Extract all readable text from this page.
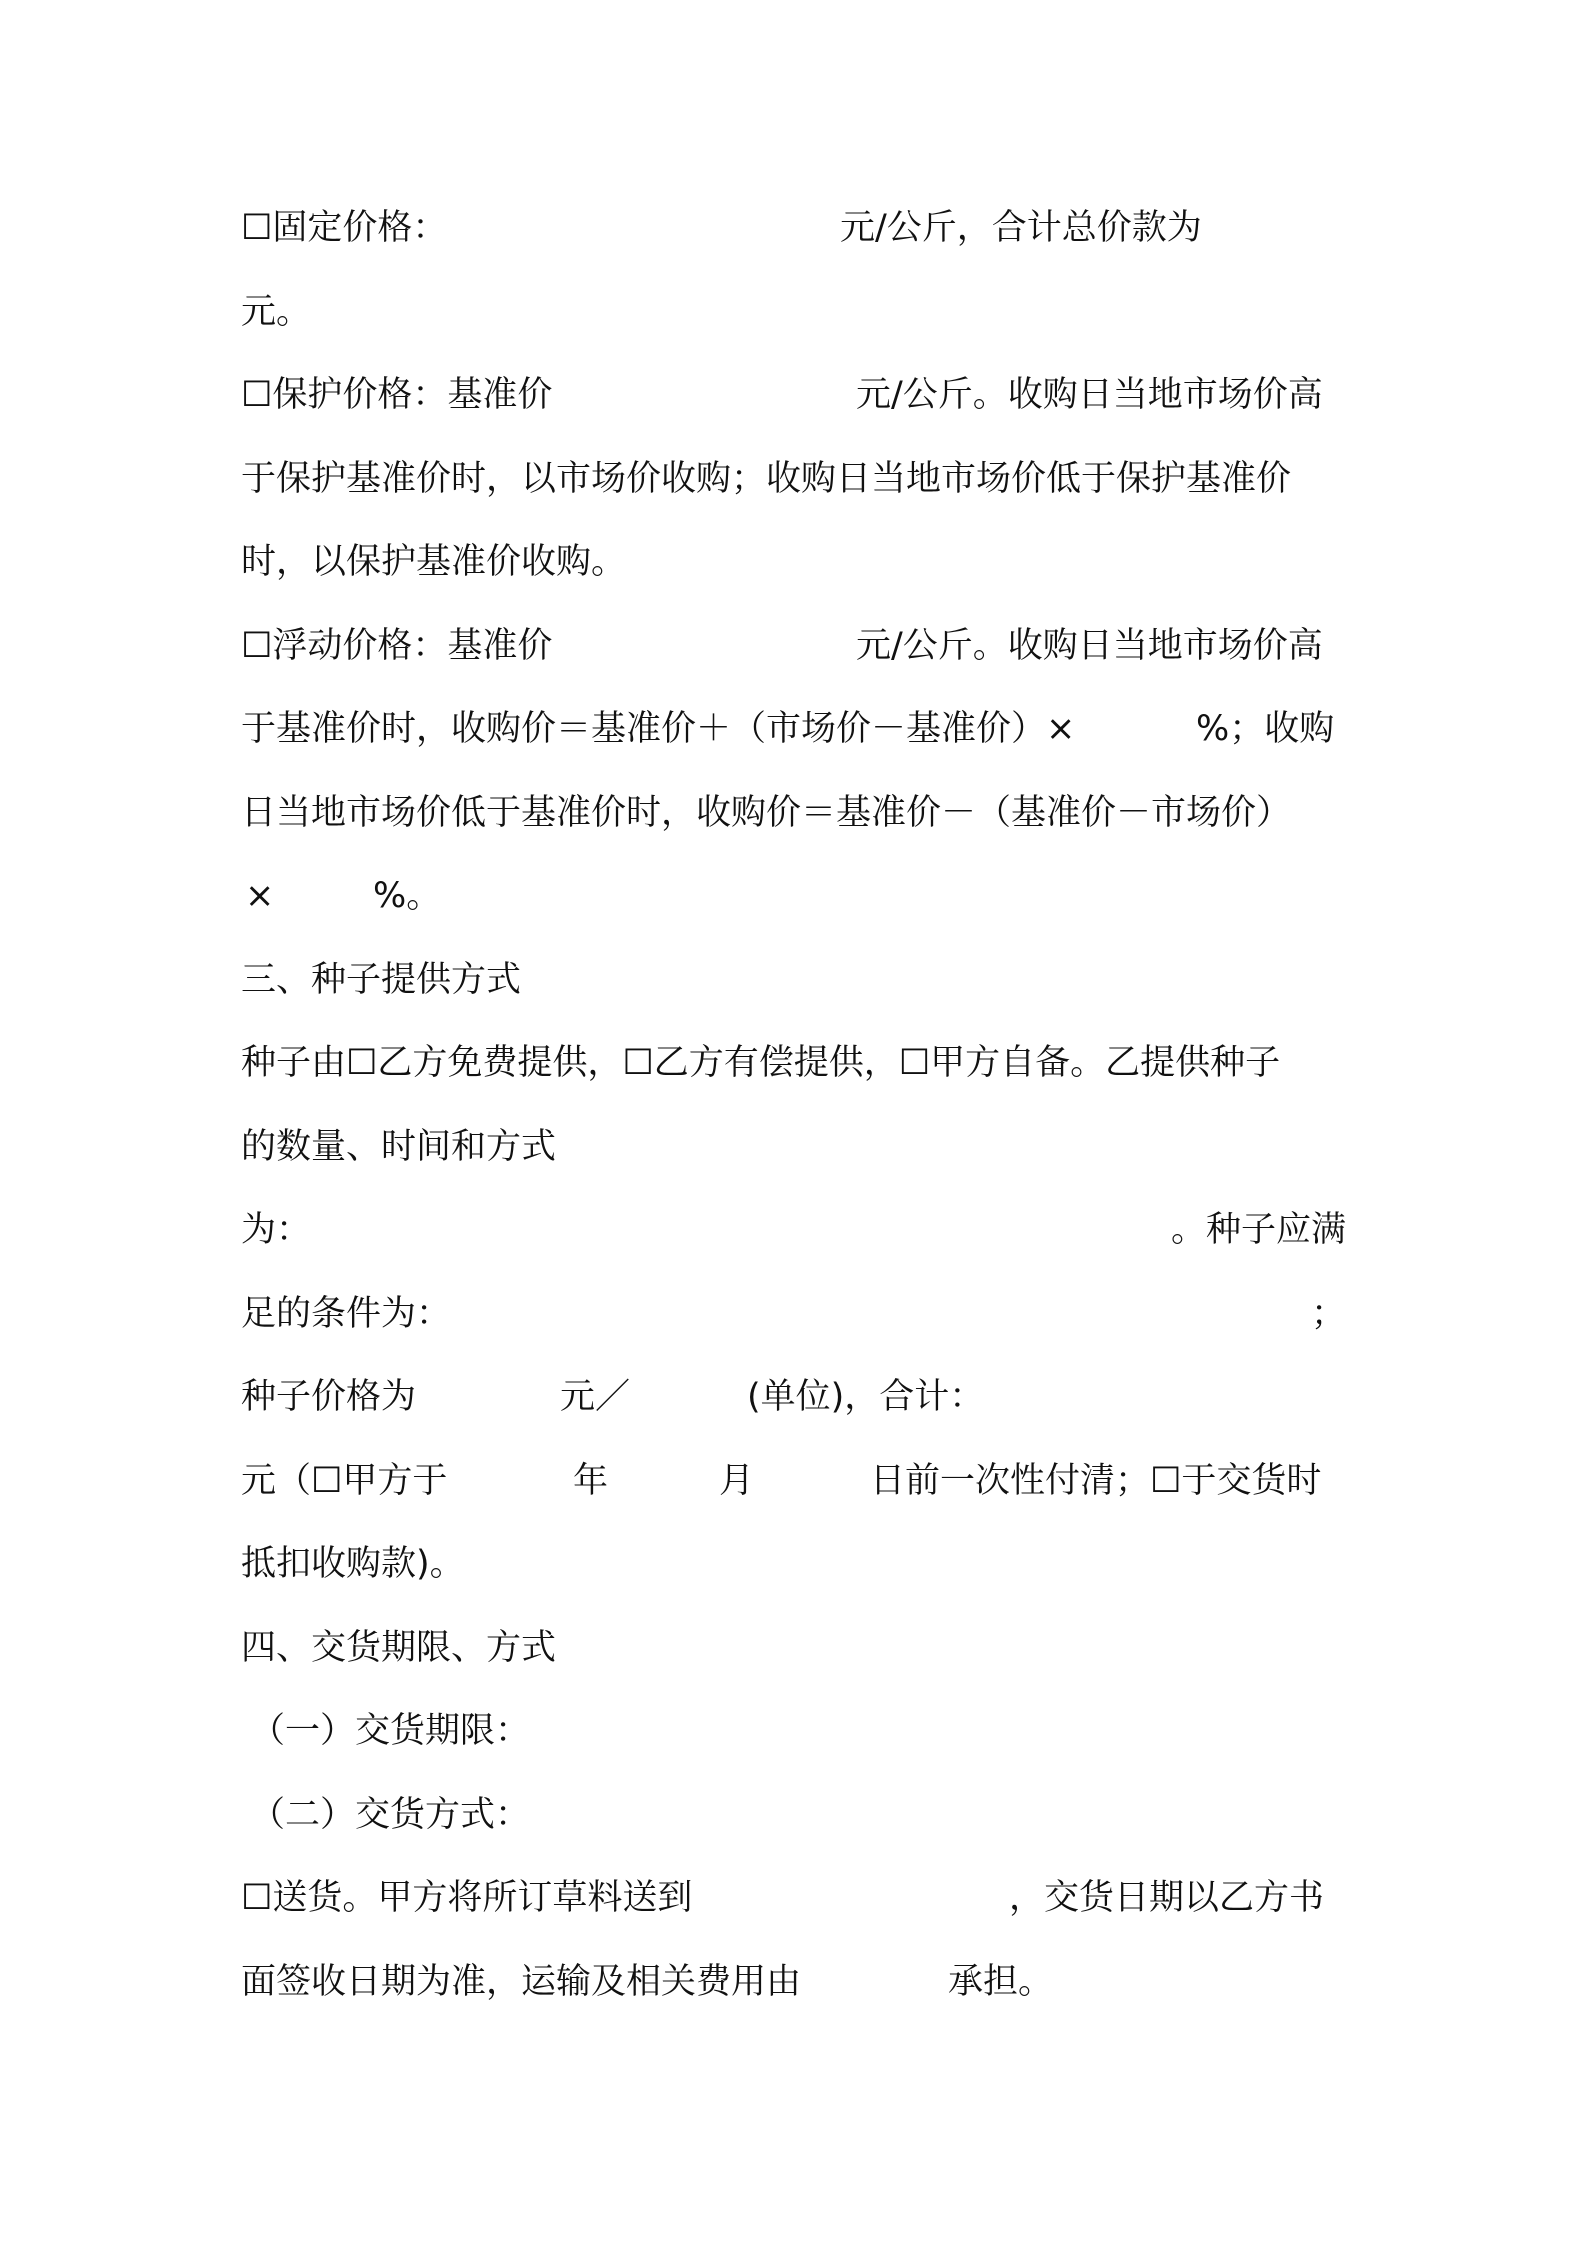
☐固定价格：	元/公斤，合计总价款为
元。
☐保护价格：基准价	元/公斤。收购日当地市场价高
于保护基准价时，以市场价收购；收购日当地市场价低于保护基准价
时，以保护基准价收购。
☐浮动价格：基准价	元/公斤。收购日当地市场价高
于基准价时，收购价＝基准价＋（市场价－基准价）×	%；收购
日当地市场价低于基准价时，收购价＝基准价－（基准价－市场价）
×	%。
三、种子提供方式
种子由☐乙方免费提供，☐乙方有偿提供，☐甲方自备。乙提供种子
的数量、时间和方式
为：	。种子应满
足的条件为：	；
种子价格为	元／	(单位)，合计：
元（☐甲方于	年	月	日前一次性付清；☐于交货时
抵扣收购款)。
四、交货期限、方式
（一）交货期限：
（二）交货方式：
☐送货。甲方将所订草料送到	，交货日期以乙方书
面签收日期为准，运输及相关费用由	承担。
